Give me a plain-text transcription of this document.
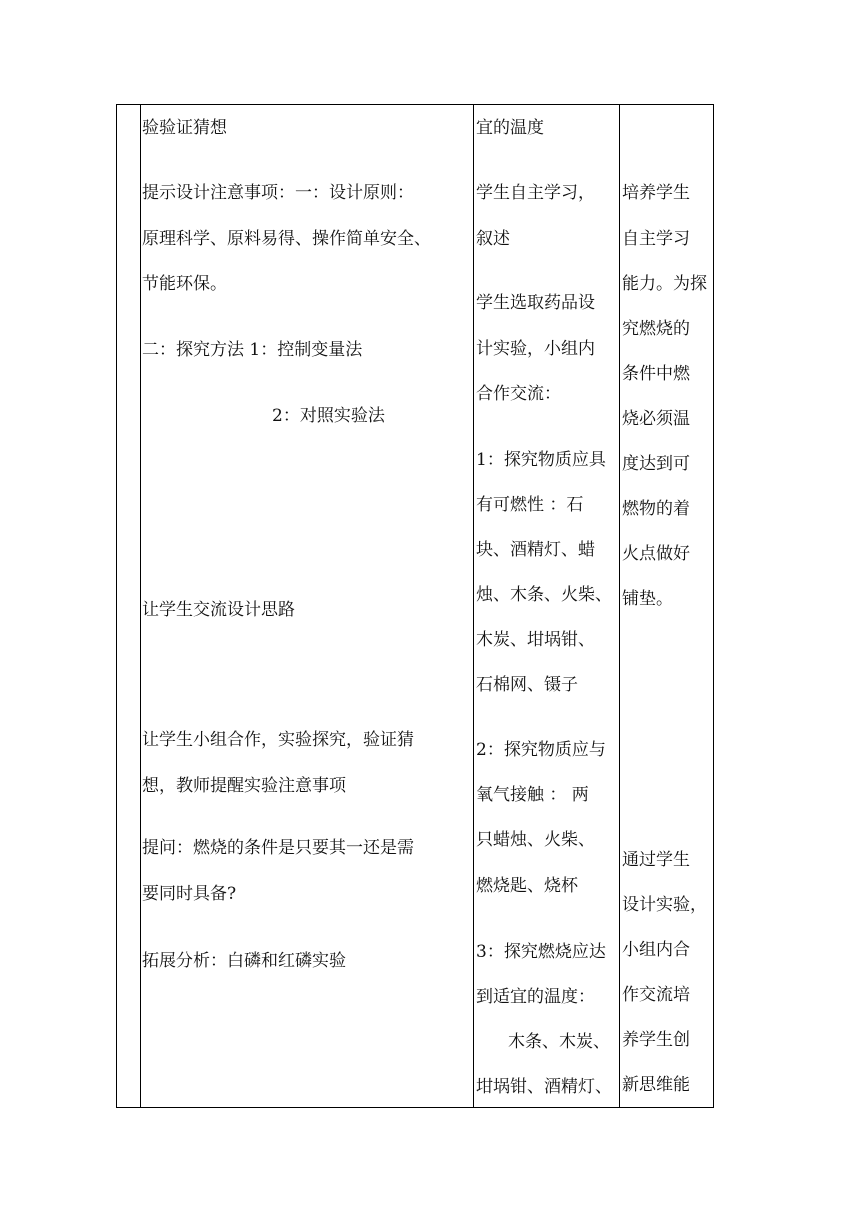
验验证猜想
提示设计注意事项：一：设计原则：
原理科学、原料易得、操作简单安全、
节能环保。
二：探究方法 1：控制变量法
2：对照实验法
让学生交流设计思路
让学生小组合作，实验探究，验证猜
想，教师提醒实验注意事项
提问：燃烧的条件是只要其一还是需
要同时具备?
拓展分析：白磷和红磷实验
宜的温度
学生自主学习，
叙述
学生选取药品设
计实验，小组内
合作交流：
1：探究物质应具
有可燃性 ：石
块、酒精灯、蜡
烛、木条、火柴、
木炭、坩埚钳、
石棉网、镊子
2：探究物质应与
氧气接触 ： 两
只蜡烛、火柴、
燃烧匙、烧杯
3：探究燃烧应达
到适宜的温度：
木条、木炭、
坩埚钳、酒精灯、
培养学生
自主学习
能力。为探
究燃烧的
条件中燃
烧必须温
度达到可
燃物的着
火点做好
铺垫。
通过学生
设计实验，
小组内合
作交流培
养学生创
新思维能
